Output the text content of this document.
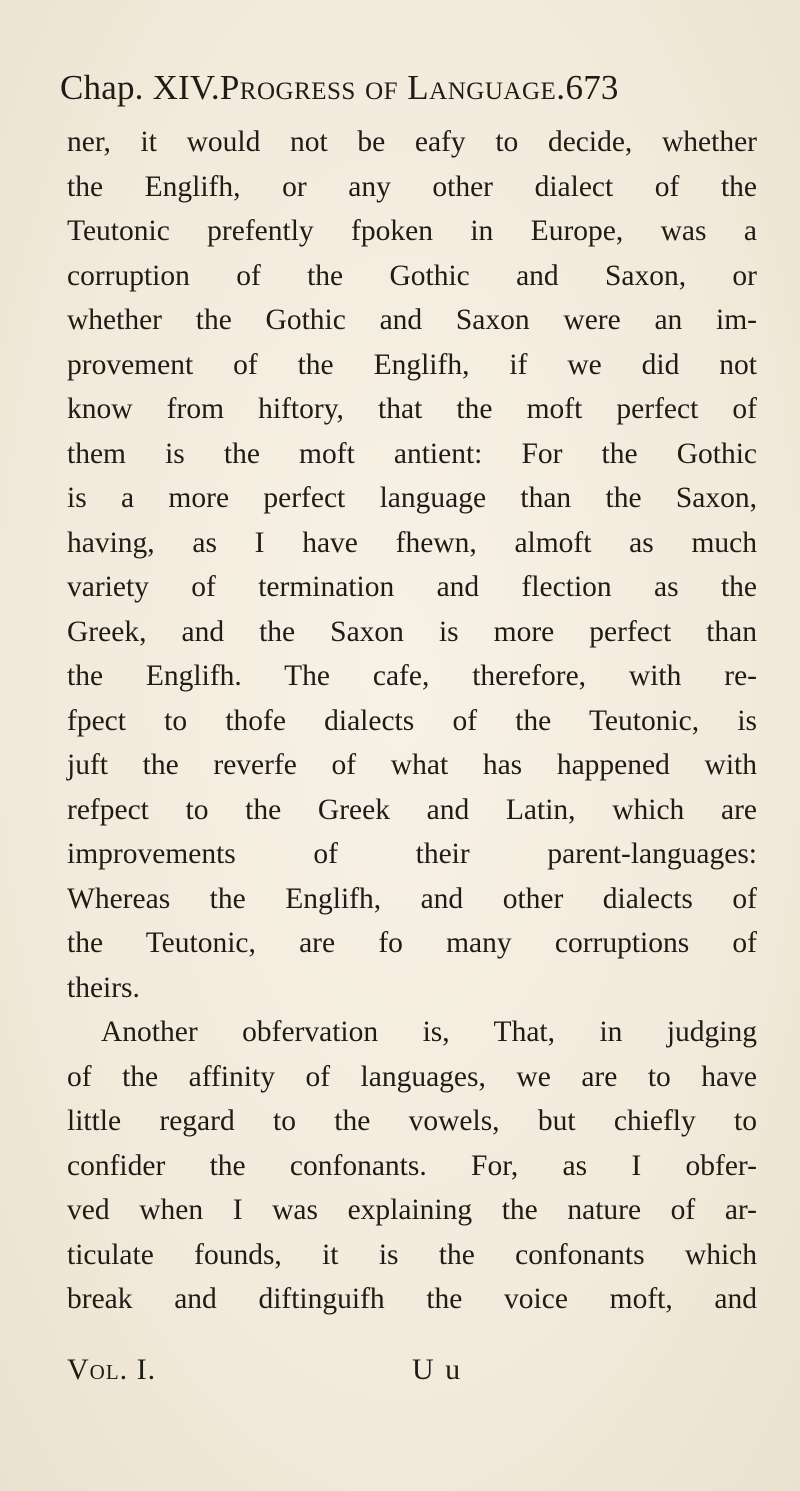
Chap. XIV.Progress of Language.673
ner, it would not be eafy to decide, whether
the Englifh, or any other dialect of the
Teutonic prefently fpoken in Europe, was a
corruption of the Gothic and Saxon, or
whether the Gothic and Saxon were an im-
provement of the Englifh, if we did not
know from hiftory, that the moft perfect of
them is the moft antient: For the Gothic
is a more perfect language than the Saxon,
having, as I have fhewn, almoft as much
variety of termination and flection as the
Greek, and the Saxon is more perfect than
the Englifh. The cafe, therefore, with re-
fpect to thofe dialects of the Teutonic, is
juft the reverfe of what has happened with
refpect to the Greek and Latin, which are
improvements of their parent-languages:
Whereas the Englifh, and other dialects of
the Teutonic, are fo many corruptions of
theirs.
Another obfervation is, That, in judging
of the affinity of languages, we are to have
little regard to the vowels, but chiefly to
confider the confonants. For, as I obfer-
ved when I was explaining the nature of ar-
ticulate founds, it is the confonants which
break and diftinguifh the voice moft, and
Vol. I.	U u
